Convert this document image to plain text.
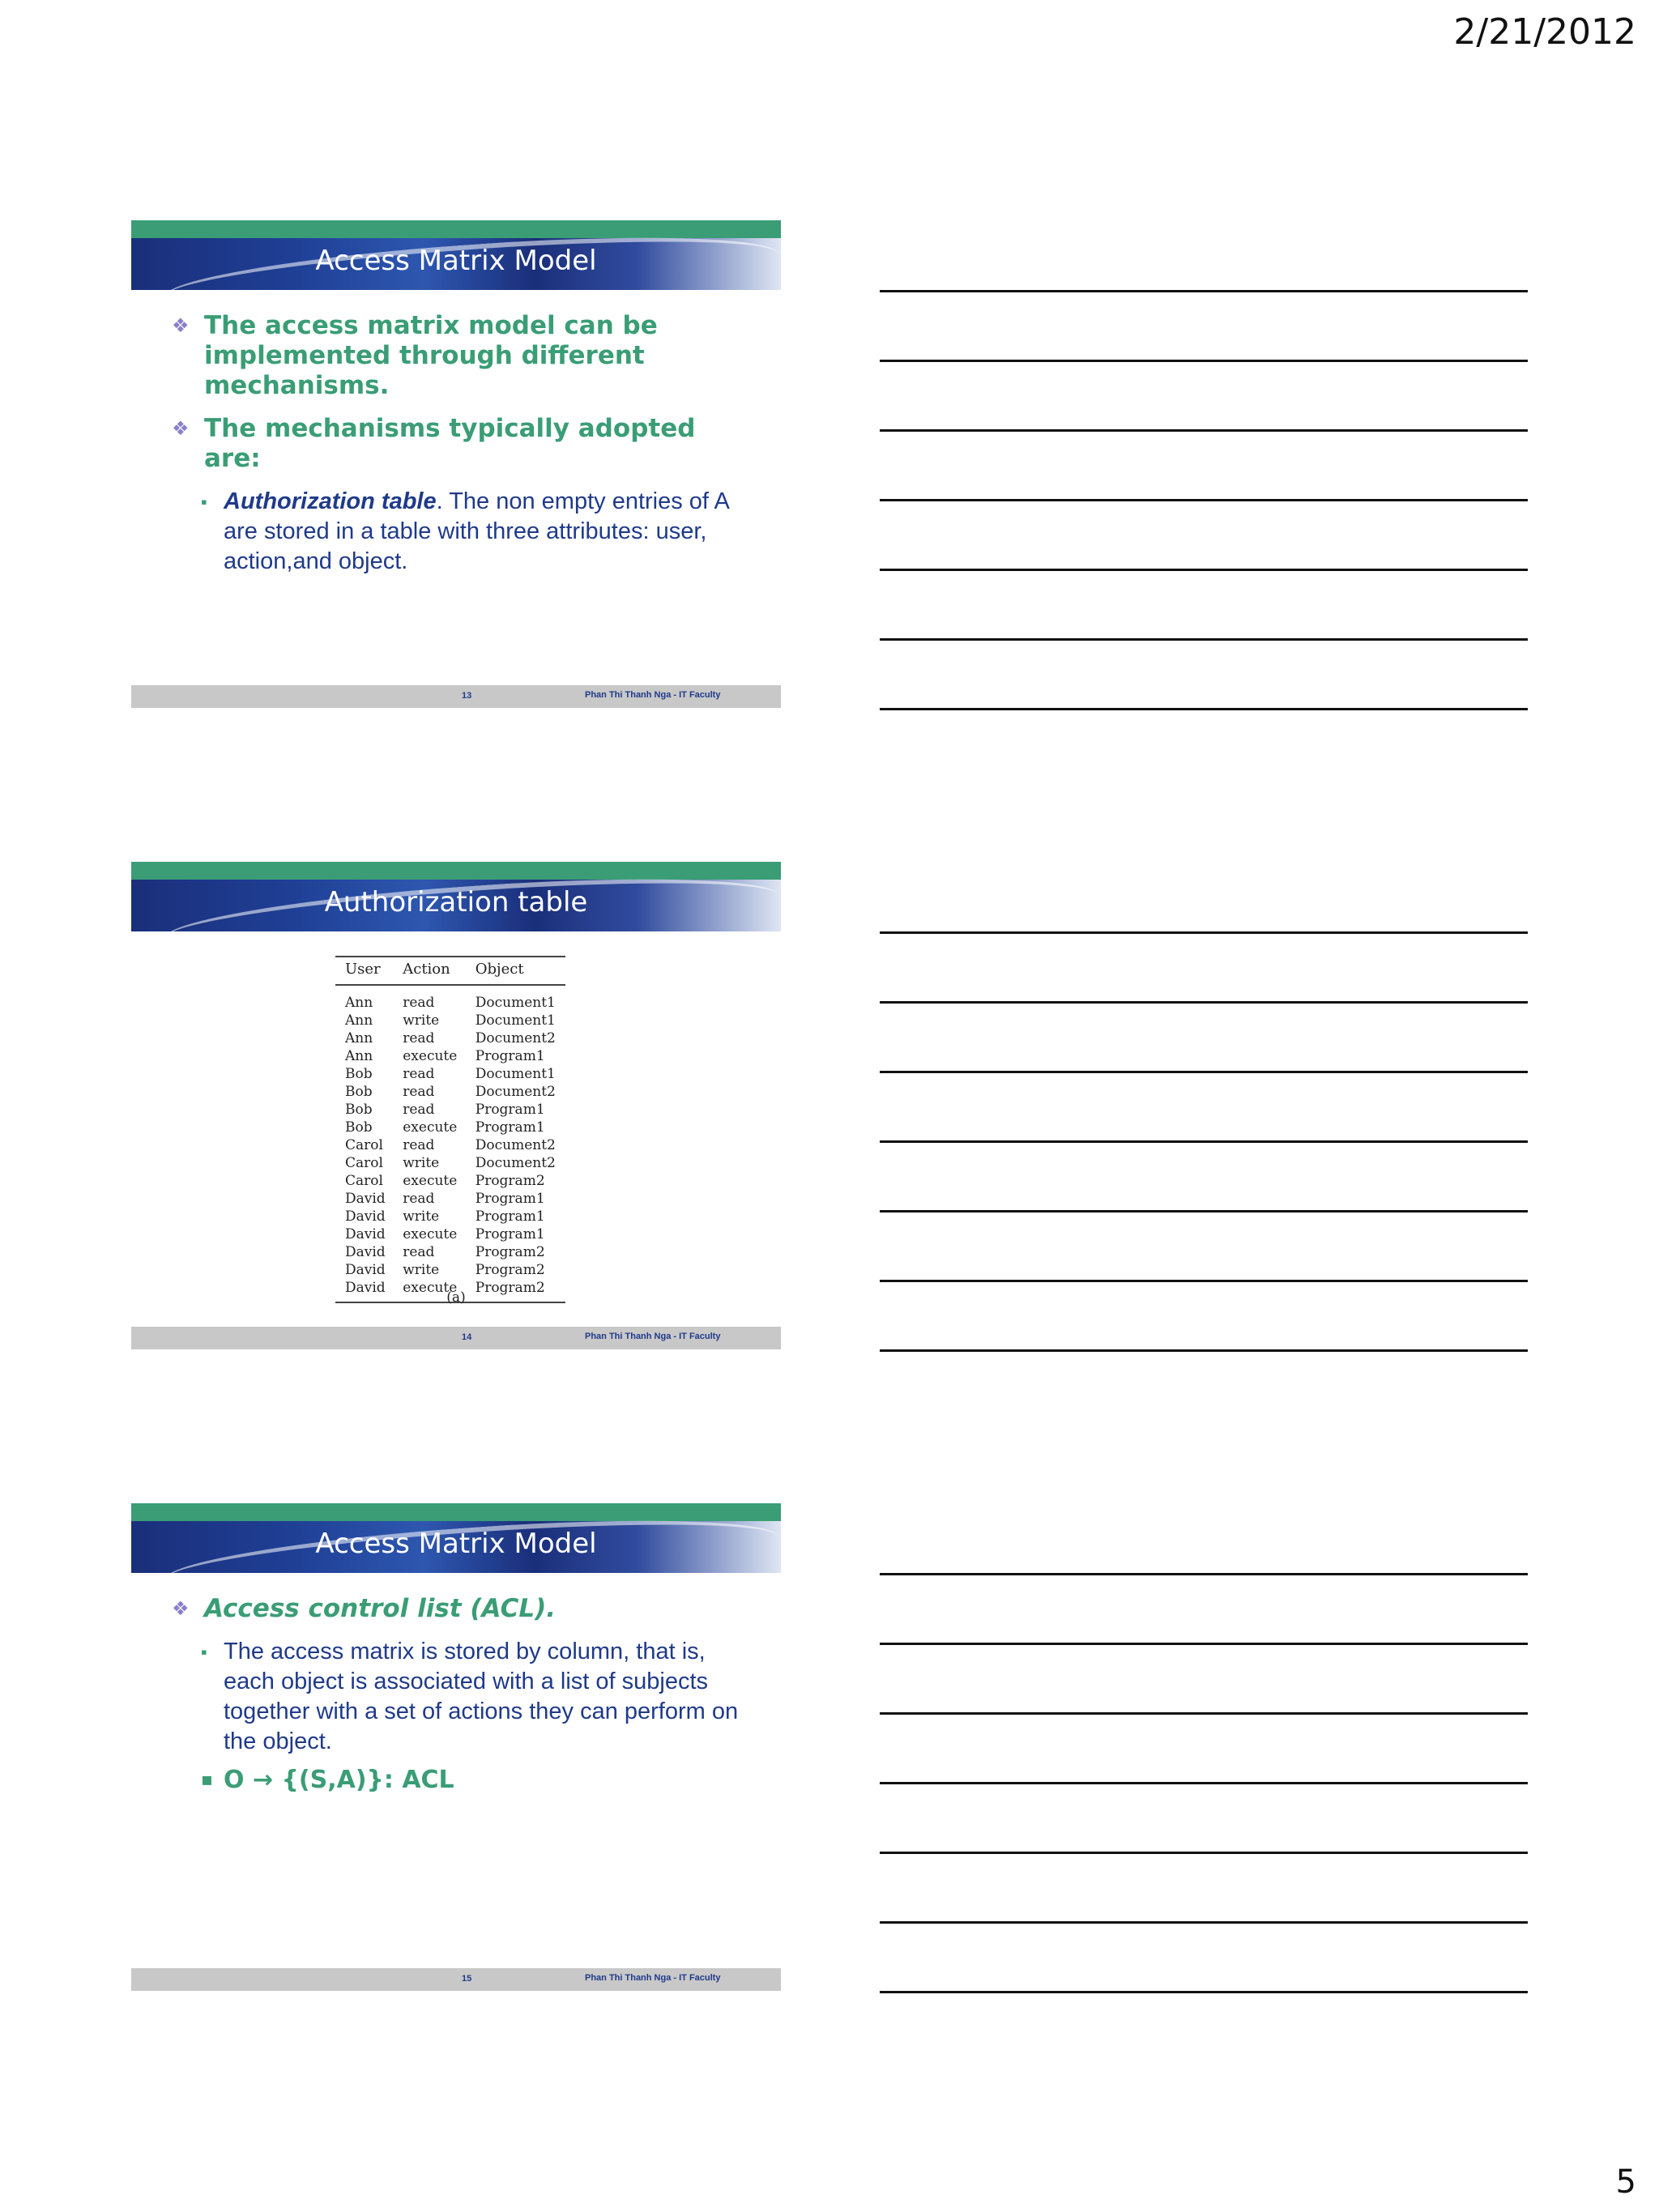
2/21/2012
Access Matrix Model
❖ The access matrix model can be implemented through different mechanisms.
❖ The mechanisms typically adopted are:
▪ Authorization table. The non empty entries of A are stored in a table with three attributes: user, action,and object.
13	Phan Thi Thanh Nga - IT Faculty
Authorization table
User	Action	Object
Ann	read	Document1
Ann	write	Document1
Ann	read	Document2
Ann	execute	Program1
Bob	read	Document1
Bob	read	Document2
Bob	read	Program1
Bob	execute	Program1
Carol	read	Document2
Carol	write	Document2
Carol	execute	Program2
David	read	Program1
David	write	Program1
David	execute	Program1
David	read	Program2
David	write	Program2
David	execute	Program2
(a)
14	Phan Thi Thanh Nga - IT Faculty
Access Matrix Model
❖ Access control list (ACL).
▪ The access matrix is stored by column, that is, each object is associated with a list of subjects together with a set of actions they can perform on the object.
▪ O → {(S,A)}: ACL
15	Phan Thi Thanh Nga - IT Faculty
5
